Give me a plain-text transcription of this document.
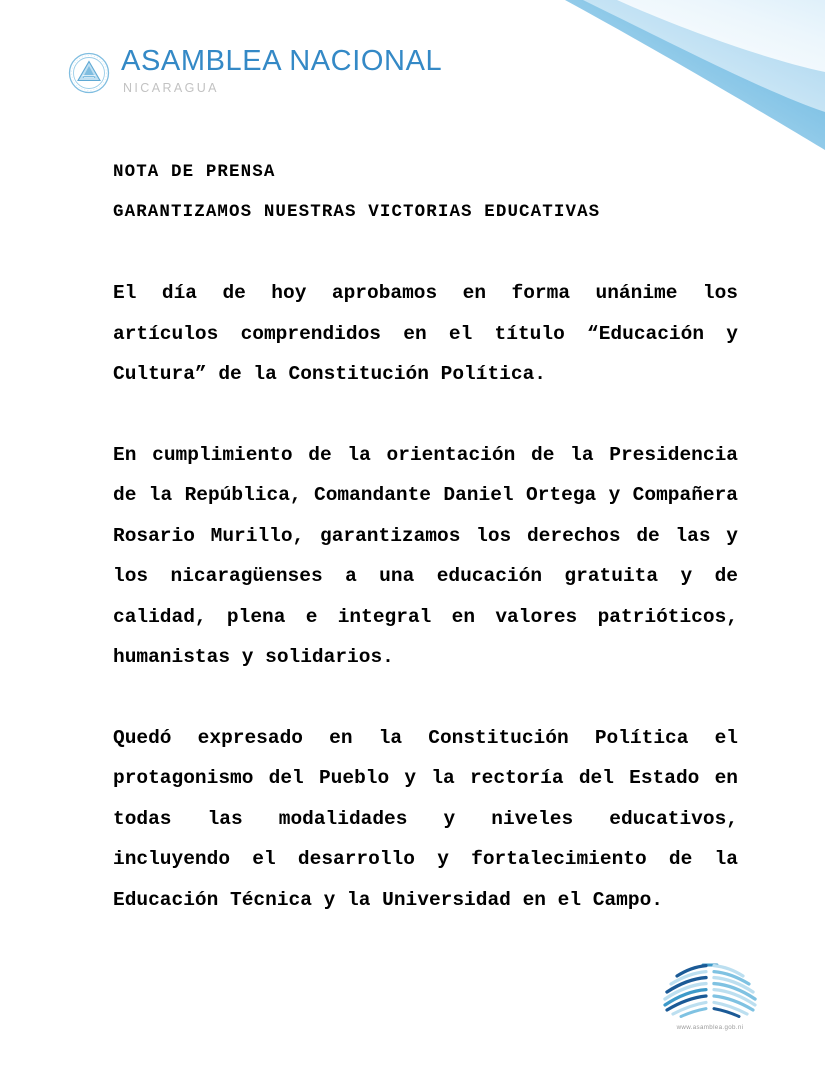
ASAMBLEA NACIONAL
NICARAGUA
NOTA DE PRENSA
GARANTIZAMOS NUESTRAS VICTORIAS EDUCATIVAS

El día de hoy aprobamos en forma unánime los artículos comprendidos en el título “Educación y Cultura” de la Constitución Política.

En cumplimiento de la orientación de la Presidencia de la República, Comandante Daniel Ortega y Compañera Rosario Murillo, garantizamos los derechos de las y los nicaragüenses a una educación gratuita y de calidad, plena e integral en valores patrióticos, humanistas y solidarios.

Quedó expresado en la Constitución Política el protagonismo del Pueblo y la rectoría del Estado en todas las modalidades y niveles educativos, incluyendo el desarrollo y fortalecimiento de la Educación Técnica y la Universidad en el Campo.

www.asamblea.gob.ni
